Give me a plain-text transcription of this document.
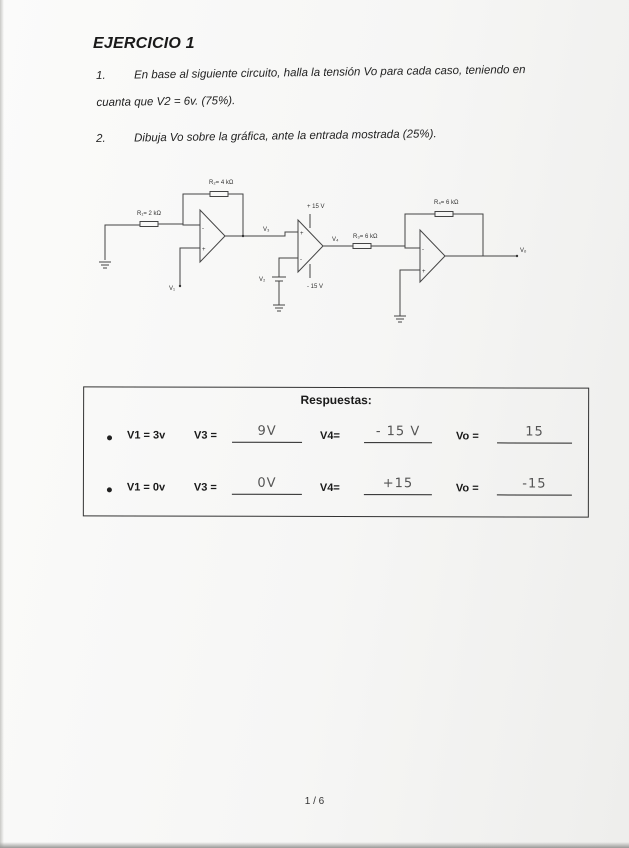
EJERCICIO 1
1. En base al siguiente circuito, halla la tensión Vo para cada caso, teniendo en
cuanta que V2 = 6v. (75%).
2. Dibuja Vo sobre la gráfica, ante la entrada mostrada (25%).
R₂= 4 kΩ
R₁= 2 kΩ
V₃
+ 15 V
- 15 V
V₄ R₃= 6 kΩ
R₄= 6 kΩ
Vₒ
V₁
V₂
-
+
+
-
-
+
Respuestas:
V1 = 3v	V3 =	9V	V4=	- 15 V	Vo =	15
V1 = 0v	V3 =	0V	V4=	+15	Vo =	-15
1 / 6
